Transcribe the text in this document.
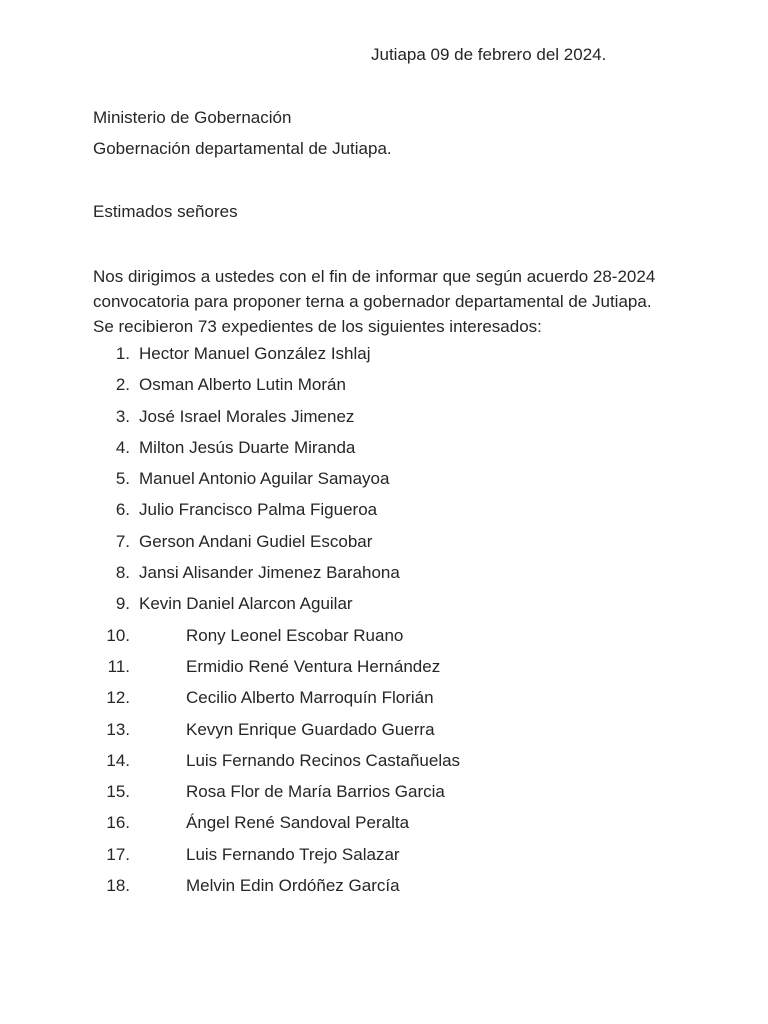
Jutiapa 09 de febrero del 2024.
Ministerio de Gobernación
Gobernación departamental de Jutiapa.
Estimados señores
Nos dirigimos a ustedes con el fin de informar que según acuerdo 28-2024
convocatoria para proponer terna a gobernador departamental de Jutiapa.
Se recibieron 73 expedientes de los siguientes interesados:
1. Hector Manuel González Ishlaj
2. Osman Alberto Lutin Morán
3. José Israel Morales Jimenez
4. Milton Jesús Duarte Miranda
5. Manuel Antonio Aguilar Samayoa
6. Julio Francisco Palma Figueroa
7. Gerson Andani Gudiel Escobar
8. Jansi Alisander Jimenez Barahona
9. Kevin Daniel Alarcon Aguilar
10.	Rony Leonel Escobar Ruano
11.	Ermidio René Ventura Hernández
12.	Cecilio Alberto Marroquín Florián
13.	Kevyn Enrique Guardado Guerra
14.	Luis Fernando Recinos Castañuelas
15.	Rosa Flor de María Barrios Garcia
16.	Ángel René Sandoval Peralta
17.	Luis Fernando Trejo Salazar
18.	Melvin Edin Ordóñez García
